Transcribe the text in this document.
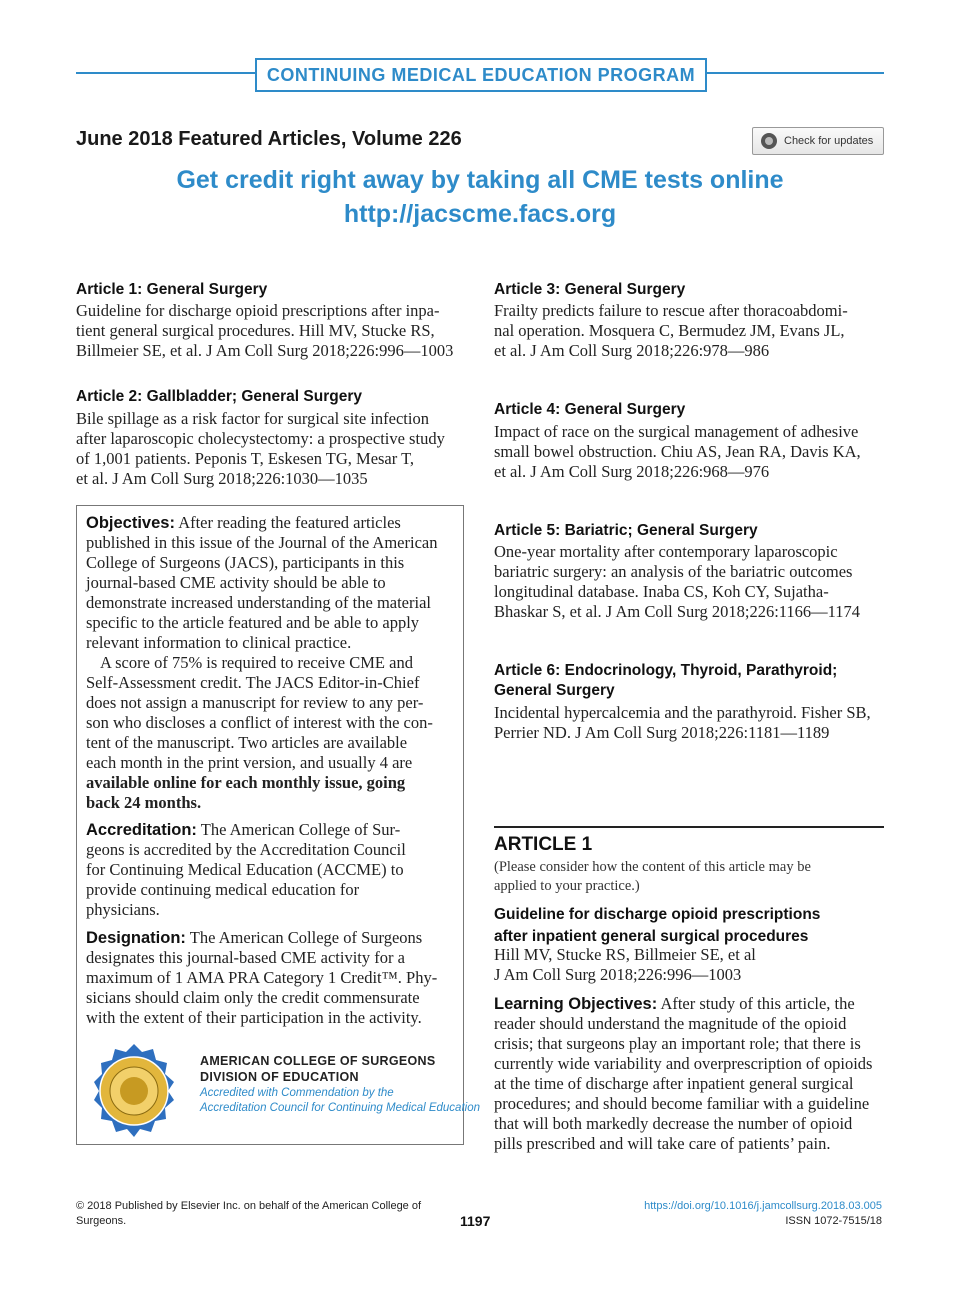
CONTINUING MEDICAL EDUCATION PROGRAM
June 2018 Featured Articles, Volume 226	Check for updates
Get credit right away by taking all CME tests online
http://jacscme.facs.org
Article 1: General Surgery
Guideline for discharge opioid prescriptions after inpa-
tient general surgical procedures. Hill MV, Stucke RS,
Billmeier SE, et al. J Am Coll Surg 2018;226:996—1003
Article 2: Gallbladder; General Surgery
Bile spillage as a risk factor for surgical site infection
after laparoscopic cholecystectomy: a prospective study
of 1,001 patients. Peponis T, Eskesen TG, Mesar T,
et al. J Am Coll Surg 2018;226:1030—1035
Article 3: General Surgery
Frailty predicts failure to rescue after thoracoabdomi-
nal operation. Mosquera C, Bermudez JM, Evans JL,
et al. J Am Coll Surg 2018;226:978—986
Article 4: General Surgery
Impact of race on the surgical management of adhesive
small bowel obstruction. Chiu AS, Jean RA, Davis KA,
et al. J Am Coll Surg 2018;226:968—976
Article 5: Bariatric; General Surgery
One-year mortality after contemporary laparoscopic
bariatric surgery: an analysis of the bariatric outcomes
longitudinal database. Inaba CS, Koh CY, Sujatha-
Bhaskar S, et al. J Am Coll Surg 2018;226:1166—1174
Article 6: Endocrinology, Thyroid, Parathyroid;
General Surgery
Incidental hypercalcemia and the parathyroid. Fisher SB,
Perrier ND. J Am Coll Surg 2018;226:1181—1189
Objectives: After reading the featured articles
published in this issue of the Journal of the American
College of Surgeons (JACS), participants in this
journal-based CME activity should be able to
demonstrate increased understanding of the material
specific to the article featured and be able to apply
relevant information to clinical practice.
A score of 75% is required to receive CME and
Self-Assessment credit. The JACS Editor-in-Chief
does not assign a manuscript for review to any per-
son who discloses a conflict of interest with the con-
tent of the manuscript. Two articles are available
each month in the print version, and usually 4 are
available online for each monthly issue, going
back 24 months.
Accreditation: The American College of Sur-
geons is accredited by the Accreditation Council
for Continuing Medical Education (ACCME) to
provide continuing medical education for
physicians.
Designation: The American College of Surgeons
designates this journal-based CME activity for a
maximum of 1 AMA PRA Category 1 Credit™. Phy-
sicians should claim only the credit commensurate
with the extent of their participation in the activity.
AMERICAN COLLEGE OF SURGEONS
DIVISION OF EDUCATION
Accredited with Commendation by the
Accreditation Council for Continuing Medical Education
ARTICLE 1
(Please consider how the content of this article may be
applied to your practice.)
Guideline for discharge opioid prescriptions
after inpatient general surgical procedures
Hill MV, Stucke RS, Billmeier SE, et al
J Am Coll Surg 2018;226:996—1003
Learning Objectives: After study of this article, the
reader should understand the magnitude of the opioid
crisis; that surgeons play an important role; that there is
currently wide variability and overprescription of opioids
at the time of discharge after inpatient general surgical
procedures; and should become familiar with a guideline
that will both markedly decrease the number of opioid
pills prescribed and will take care of patients’ pain.
© 2018 Published by Elsevier Inc. on behalf of the American College of
Surgeons.	1197
https://doi.org/10.1016/j.jamcollsurg.2018.03.005
ISSN 1072-7515/18
